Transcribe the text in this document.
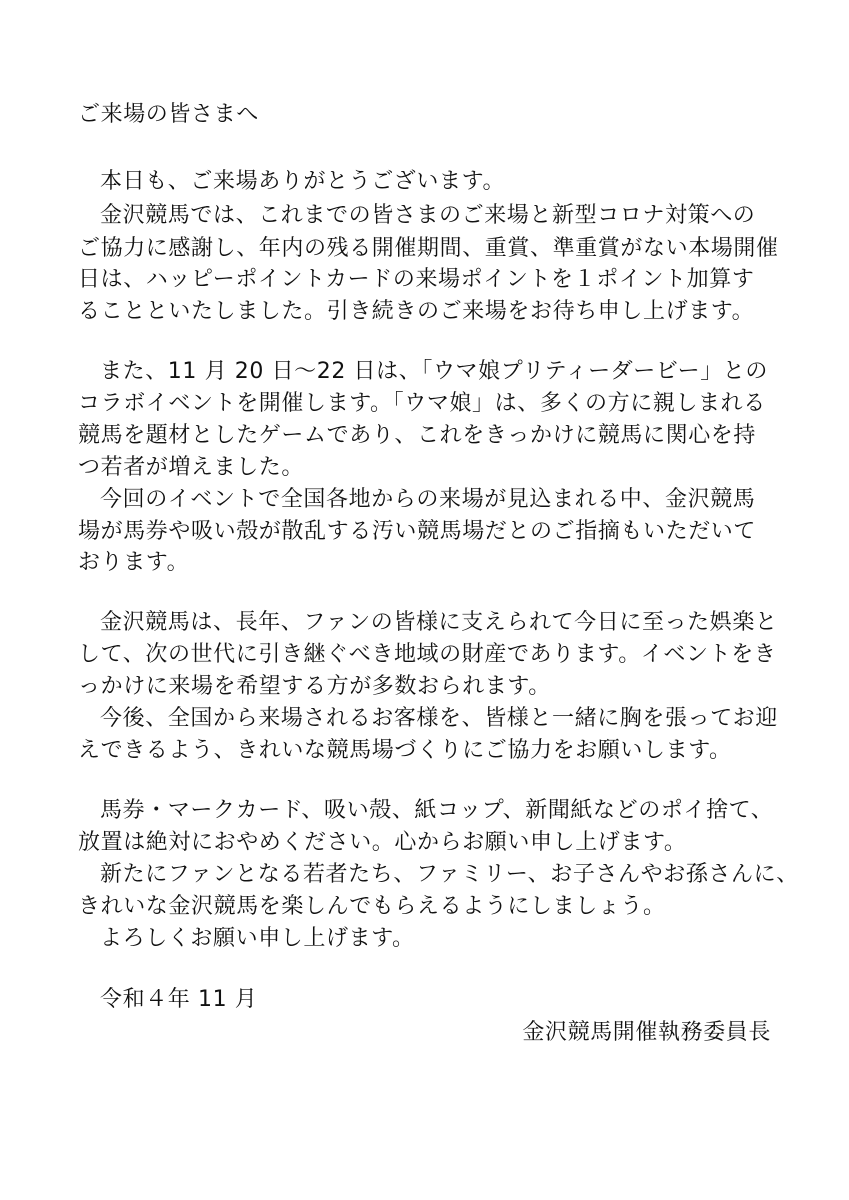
ご来場の皆さまへ
本日も、ご来場ありがとうございます。
金沢競馬では、これまでの皆さまのご来場と新型コロナ対策への
ご協力に感謝し、年内の残る開催期間、重賞、準重賞がない本場開催
日は、ハッピーポイントカードの来場ポイントを１ポイント加算す
ることといたしました。引き続きのご来場をお待ち申し上げます。
また、11 月 20 日～22 日は、「ウマ娘プリティーダービー」との
コラボイベントを開催します。「ウマ娘」は、多くの方に親しまれる
競馬を題材としたゲームであり、これをきっかけに競馬に関心を持
つ若者が増えました。
今回のイベントで全国各地からの来場が見込まれる中、金沢競馬
場が馬券や吸い殻が散乱する汚い競馬場だとのご指摘もいただいて
おります。
金沢競馬は、長年、ファンの皆様に支えられて今日に至った娯楽と
して、次の世代に引き継ぐべき地域の財産であります。イベントをき
っかけに来場を希望する方が多数おられます。
今後、全国から来場されるお客様を、皆様と一緒に胸を張ってお迎
えできるよう、きれいな競馬場づくりにご協力をお願いします。
馬券・マークカード、吸い殻、紙コップ、新聞紙などのポイ捨て、
放置は絶対におやめください。心からお願い申し上げます。
新たにファンとなる若者たち、ファミリー、お子さんやお孫さんに、
きれいな金沢競馬を楽しんでもらえるようにしましょう。
よろしくお願い申し上げます。
令和４年 11 月
金沢競馬開催執務委員長
